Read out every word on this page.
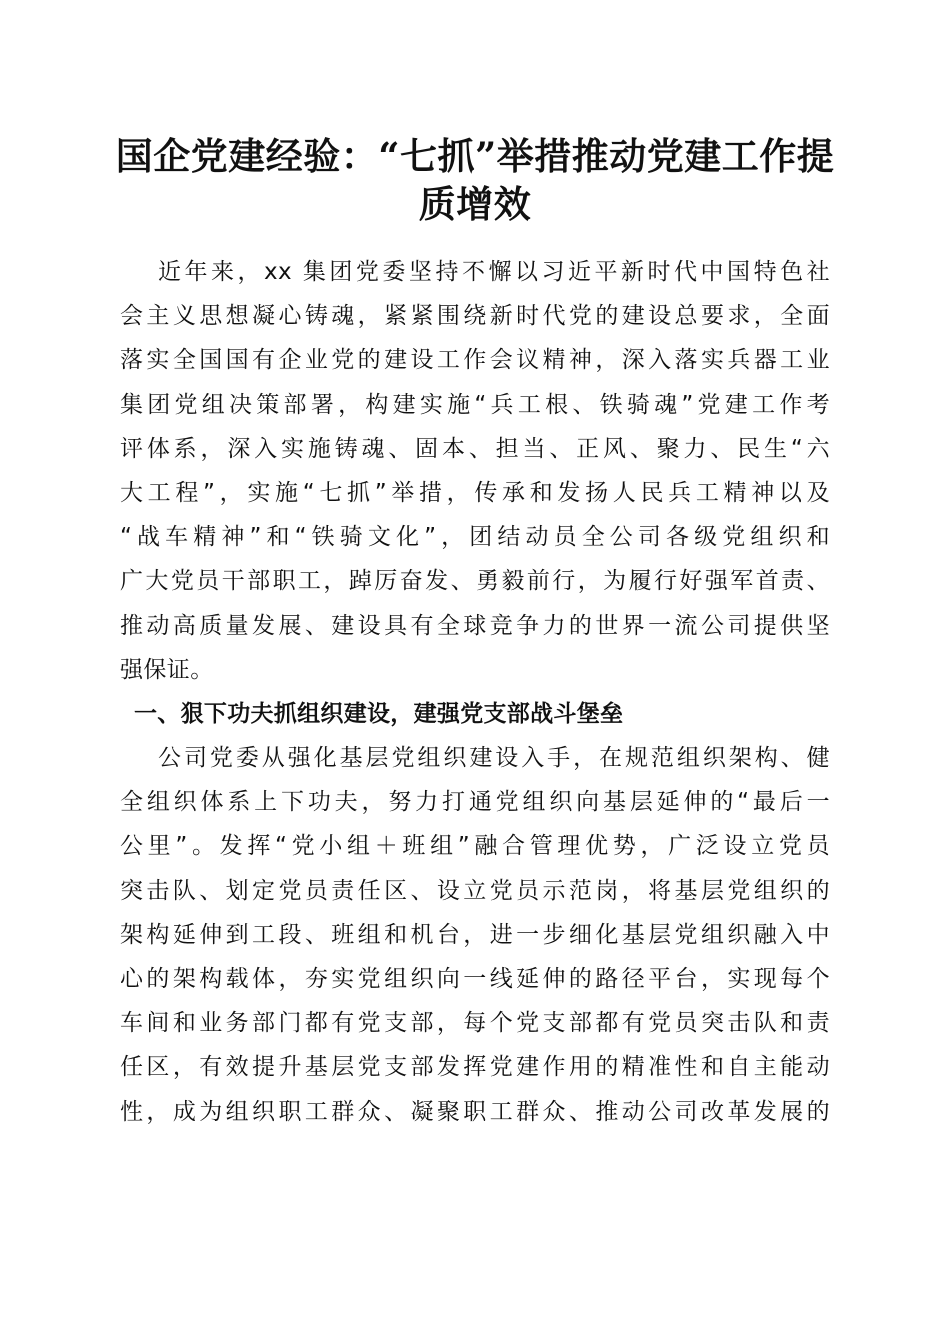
国企党建经验：“七抓”举措推动党建工作提
质增效
近年来，xx 集团党委坚持不懈以习近平新时代中国特色社
会主义思想凝心铸魂，紧紧围绕新时代党的建设总要求，全面
落实全国国有企业党的建设工作会议精神，深入落实兵器工业
集团党组决策部署，构建实施“兵工根、铁骑魂”党建工作考
评体系，深入实施铸魂、固本、担当、正风、聚力、民生“六
大工程”，实施“七抓”举措，传承和发扬人民兵工精神以及
“战车精神”和“铁骑文化”，团结动员全公司各级党组织和
广大党员干部职工，踔厉奋发、勇毅前行，为履行好强军首责、
推动高质量发展、建设具有全球竞争力的世界一流公司提供坚
强保证。
一、狠下功夫抓组织建设，建强党支部战斗堡垒
公司党委从强化基层党组织建设入手，在规范组织架构、健
全组织体系上下功夫，努力打通党组织向基层延伸的“最后一
公里”。发挥“党小组＋班组”融合管理优势，广泛设立党员
突击队、划定党员责任区、设立党员示范岗，将基层党组织的
架构延伸到工段、班组和机台，进一步细化基层党组织融入中
心的架构载体，夯实党组织向一线延伸的路径平台，实现每个
车间和业务部门都有党支部，每个党支部都有党员突击队和责
任区，有效提升基层党支部发挥党建作用的精准性和自主能动
性，成为组织职工群众、凝聚职工群众、推动公司改革发展的
